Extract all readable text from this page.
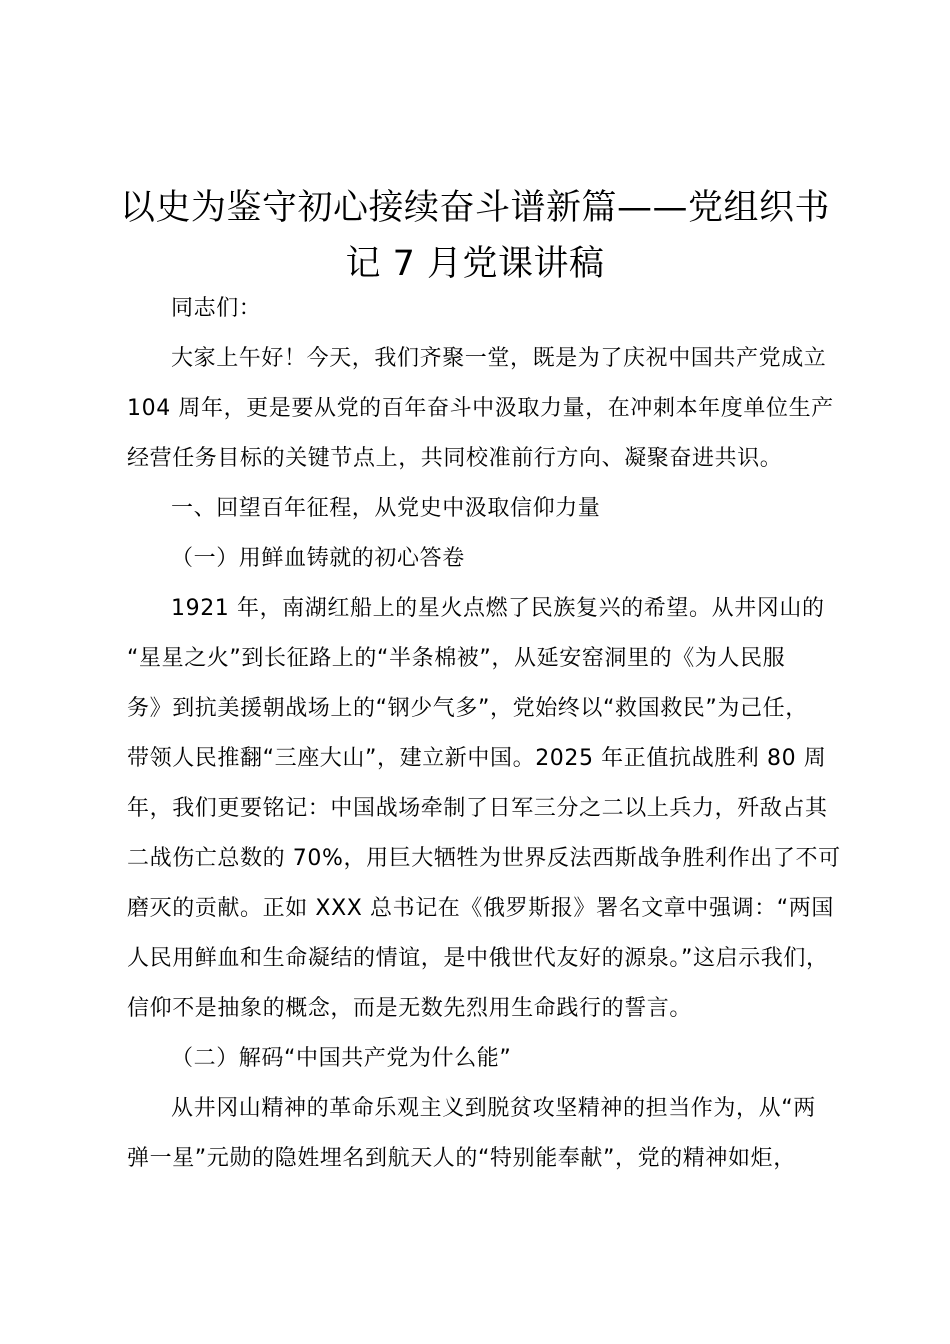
以史为鉴守初心接续奋斗谱新篇——党组织书
记 7 月党课讲稿
同志们：
大家上午好！今天，我们齐聚一堂，既是为了庆祝中国共产党成立
104 周年，更是要从党的百年奋斗中汲取力量，在冲刺本年度单位生产
经营任务目标的关键节点上，共同校准前行方向、凝聚奋进共识。
一、回望百年征程，从党史中汲取信仰力量
（一）用鲜血铸就的初心答卷
1921 年，南湖红船上的星火点燃了民族复兴的希望。从井冈山的
“星星之火”到长征路上的“半条棉被”，从延安窑洞里的《为人民服
务》到抗美援朝战场上的“钢少气多”，党始终以“救国救民”为己任，
带领人民推翻“三座大山”，建立新中国。2025 年正值抗战胜利 80 周
年，我们更要铭记：中国战场牵制了日军三分之二以上兵力，歼敌占其
二战伤亡总数的 70%，用巨大牺牲为世界反法西斯战争胜利作出了不可
磨灭的贡献。正如 XXX 总书记在《俄罗斯报》署名文章中强调：“两国
人民用鲜血和生命凝结的情谊，是中俄世代友好的源泉。”这启示我们，
信仰不是抽象的概念，而是无数先烈用生命践行的誓言。
（二）解码“中国共产党为什么能”
从井冈山精神的革命乐观主义到脱贫攻坚精神的担当作为，从“两
弹一星”元勋的隐姓埋名到航天人的“特别能奉献”，党的精神如炬，
